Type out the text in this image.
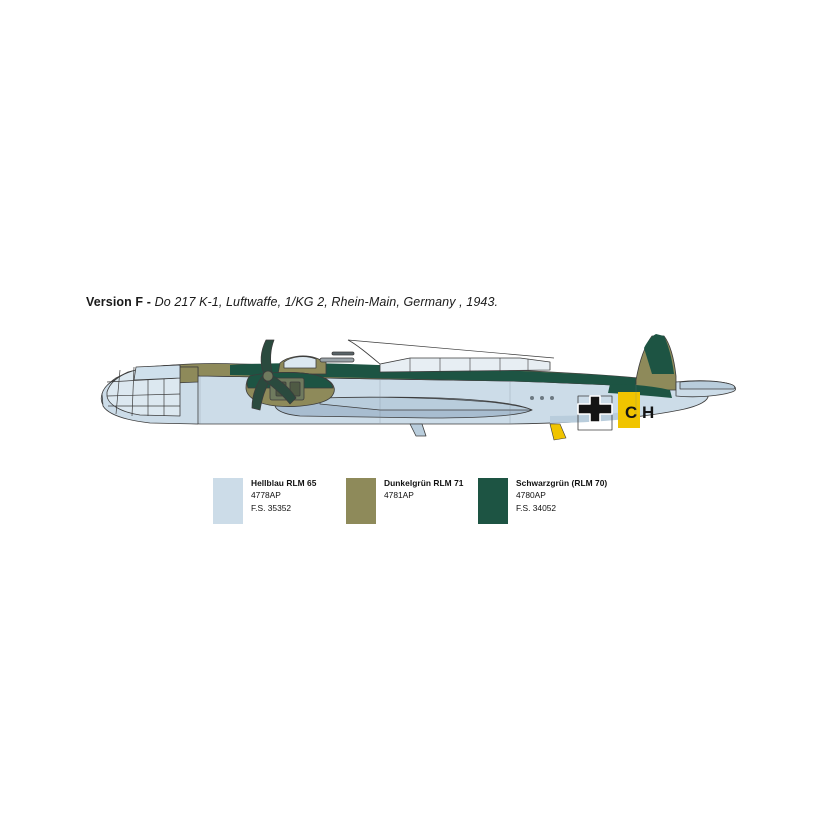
Version F - Do 217 K-1, Luftwaffe, 1/KG 2, Rhein-Main, Germany , 1943.
C H
Hellblau RLM 65
4778AP
F.S. 35352
Dunkelgrün RLM 71
4781AP
Schwarzgrün (RLM 70)
4780AP
F.S. 34052
